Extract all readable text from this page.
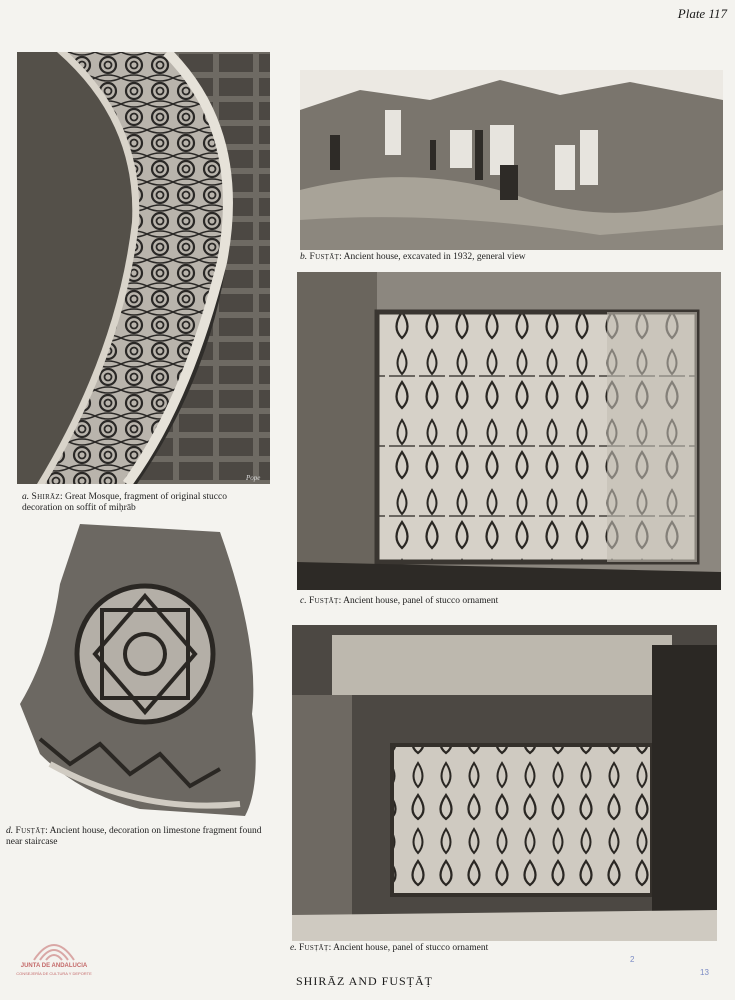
Plate 117
Pope
a. Shirāz: Great Mosque, fragment of original stucco decoration on soffit of miḥrāb
b. Fusṭāṭ: Ancient house, excavated in 1932, general view
c. Fusṭāṭ: Ancient house, panel of stucco ornament
d. Fusṭāṭ: Ancient house, decoration on limestone fragment found near staircase
e. Fusṭāṭ: Ancient house, panel of stucco ornament
SHIRĀZ AND FUSṬĀṬ
JUNTA DE ANDALUCIA
CONSEJERÍA DE CULTURA Y DEPORTE
2
13
